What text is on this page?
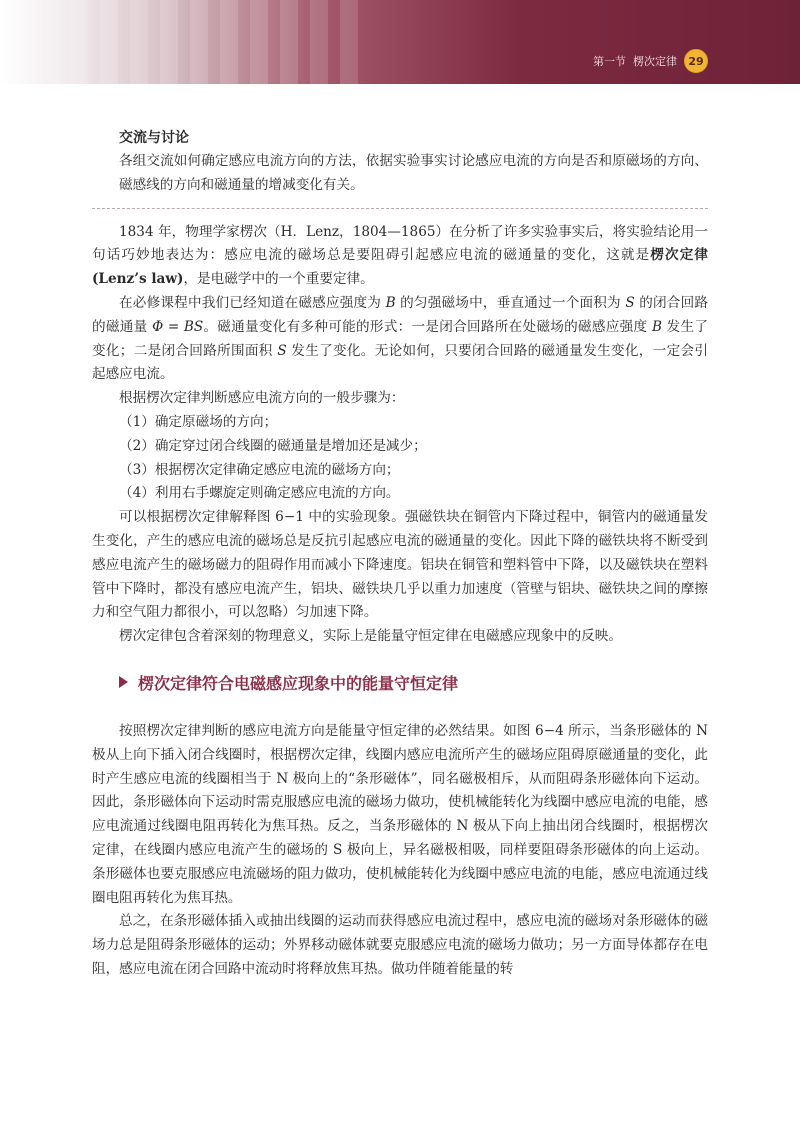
第一节 楞次定律	29
交流与讨论

各组交流如何确定感应电流方向的方法，依据实验事实讨论感应电流的方向是否和原磁场的方向、磁感线的方向和磁通量的增减变化有关。

1834 年，物理学家楞次（H．Lenz，1804—1865）在分析了许多实验事实后，将实验结论用一句话巧妙地表达为：感应电流的磁场总是要阻碍引起感应电流的磁通量的变化，这就是楞次定律 (Lenz’s law)，是电磁学中的一个重要定律。

在必修课程中我们已经知道在磁感应强度为 B 的匀强磁场中，垂直通过一个面积为 S 的闭合回路的磁通量 Φ = BS。磁通量变化有多种可能的形式：一是闭合回路所在处磁场的磁感应强度 B 发生了变化；二是闭合回路所围面积 S 发生了变化。无论如何，只要闭合回路的磁通量发生变化，一定会引起感应电流。

根据楞次定律判断感应电流方向的一般步骤为：

（1）确定原磁场的方向；

（2）确定穿过闭合线圈的磁通量是增加还是减少；

（3）根据楞次定律确定感应电流的磁场方向；

（4）利用右手螺旋定则确定感应电流的方向。

可以根据楞次定律解释图 6−1 中的实验现象。强磁铁块在铜管内下降过程中，铜管内的磁通量发生变化，产生的感应电流的磁场总是反抗引起感应电流的磁通量的变化。因此下降的磁铁块将不断受到感应电流产生的磁场磁力的阻碍作用而减小下降速度。铝块在铜管和塑料管中下降，以及磁铁块在塑料管中下降时，都没有感应电流产生，铝块、磁铁块几乎以重力加速度（管壁与铝块、磁铁块之间的摩擦力和空气阻力都很小，可以忽略）匀加速下降。

楞次定律包含着深刻的物理意义，实际上是能量守恒定律在电磁感应现象中的反映。

楞次定律符合电磁感应现象中的能量守恒定律

按照楞次定律判断的感应电流方向是能量守恒定律的必然结果。如图 6−4 所示，当条形磁体的 N 极从上向下插入闭合线圈时，根据楞次定律，线圈内感应电流所产生的磁场应阻碍原磁通量的变化，此时产生感应电流的线圈相当于 N 极向上的“条形磁体”，同名磁极相斥，从而阻碍条形磁体向下运动。因此，条形磁体向下运动时需克服感应电流的磁场力做功，使机械能转化为线圈中感应电流的电能，感应电流通过线圈电阻再转化为焦耳热。反之，当条形磁体的 N 极从下向上抽出闭合线圈时，根据楞次定律，在线圈内感应电流产生的磁场的 S 极向上，异名磁极相吸，同样要阻碍条形磁体的向上运动。条形磁体也要克服感应电流磁场的阻力做功，使机械能转化为线圈中感应电流的电能，感应电流通过线圈电阻再转化为焦耳热。

总之，在条形磁体插入或抽出线圈的运动而获得感应电流过程中，感应电流的磁场对条形磁体的磁场力总是阻碍条形磁体的运动；外界移动磁体就要克服感应电流的磁场力做功；另一方面导体都存在电阻，感应电流在闭合回路中流动时将释放焦耳热。做功伴随着能量的转
